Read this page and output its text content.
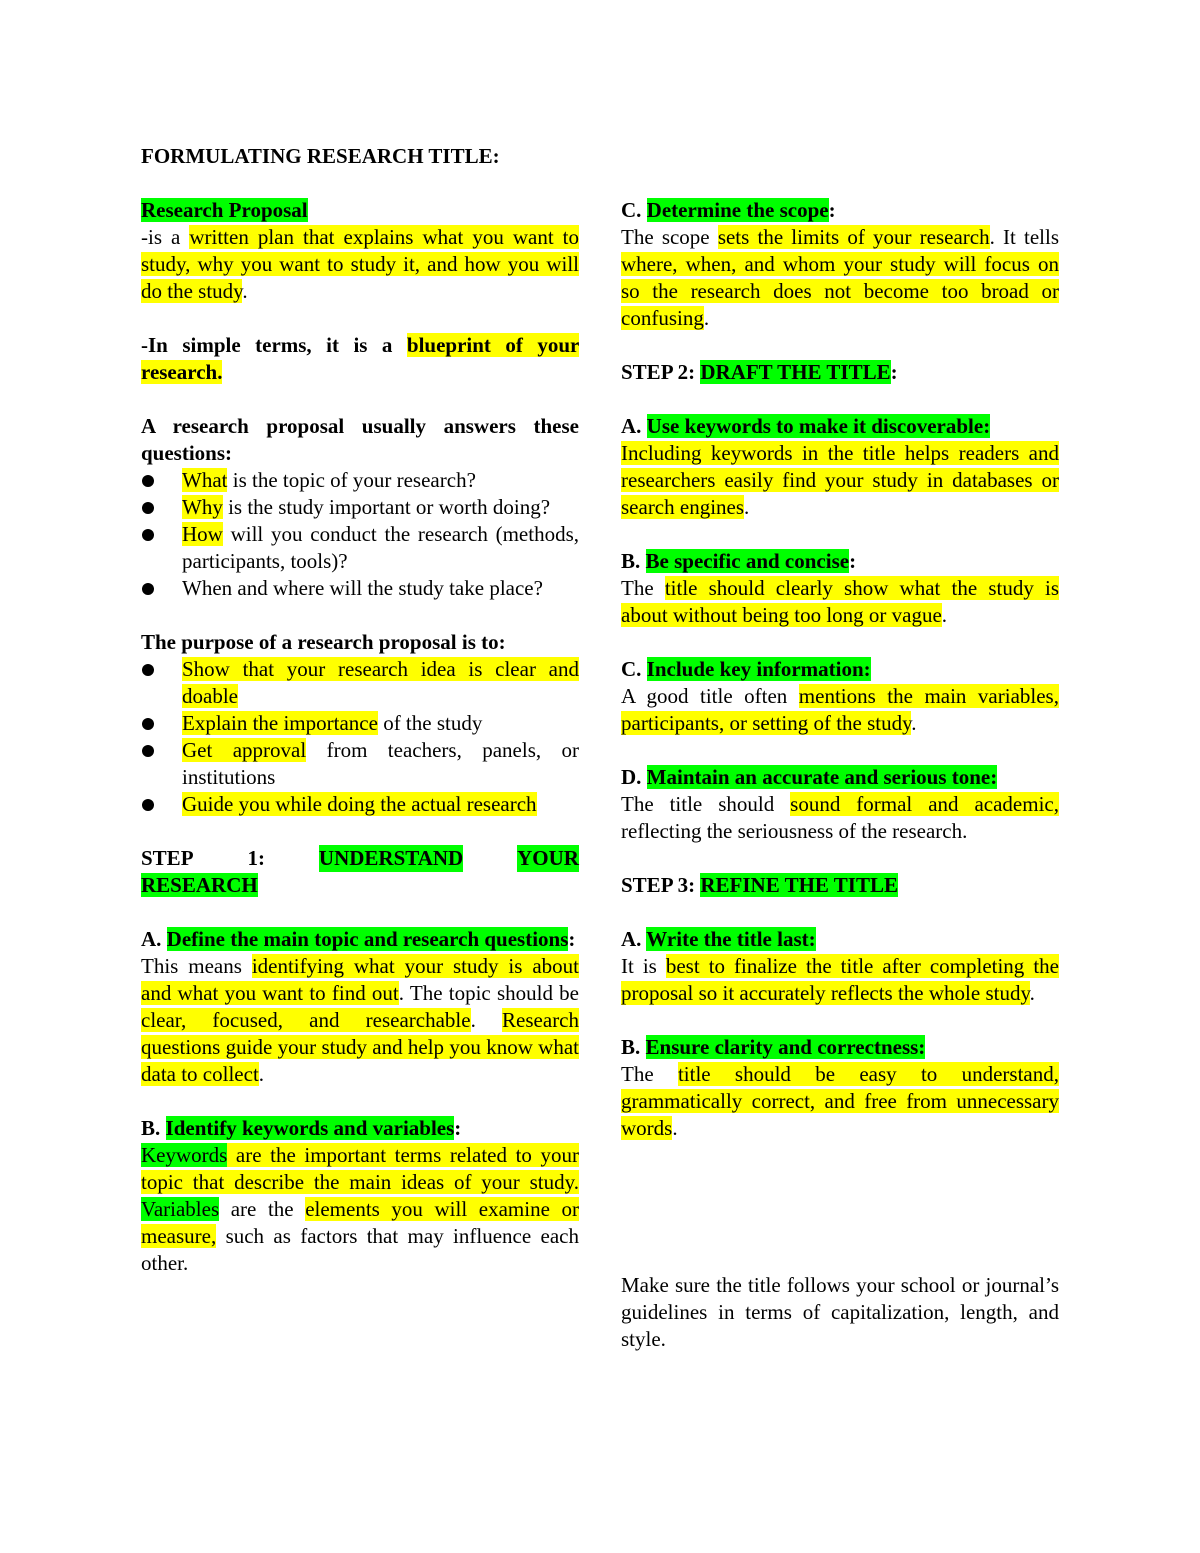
FORMULATING RESEARCH TITLE:

Research Proposal

-is a written plan that explains what you want to study, why you want to study it, and how you will do the study.

-In simple terms, it is a blueprint of your research.

A research proposal usually answers these questions:

What is the topic of your research?
Why is the study important or worth doing?
How will you conduct the research (methods, participants, tools)?
When and where will the study take place?

The purpose of a research proposal is to:

Show that your research idea is clear and doable
Explain the importance of the study
Get approval from teachers, panels, or institutions
Guide you while doing the actual research
STEP	1:	UNDERSTAND	YOUR

RESEARCH

A. Define the main topic and research questions:

This means identifying what your study is about and what you want to find out. The topic should be clear, focused, and researchable. Research questions guide your study and help you know what data to collect.

B. Identify keywords and variables:

Keywords are the important terms related to your topic that describe the main ideas of your study. Variables are the elements you will examine or measure, such as factors that may influence each other.

C. Determine the scope:

The scope sets the limits of your research. It tells where, when, and whom your study will focus on so the research does not become too broad or confusing.

STEP 2: DRAFT THE TITLE:

A. Use keywords to make it discoverable:

Including keywords in the title helps readers and researchers easily find your study in databases or search engines.

B. Be specific and concise:

The title should clearly show what the study is about without being too long or vague.

C. Include key information:

A good title often mentions the main variables, participants, or setting of the study.

D. Maintain an accurate and serious tone:

The title should sound formal and academic, reflecting the seriousness of the research.

STEP 3: REFINE THE TITLE

A. Write the title last:

It is best to finalize the title after completing the proposal so it accurately reflects the whole study.

B. Ensure clarity and correctness:

The title should be easy to understand, grammatically correct, and free from unnecessary words.

Make sure the title follows your school or journal’s guidelines in terms of capitalization, length, and style.
